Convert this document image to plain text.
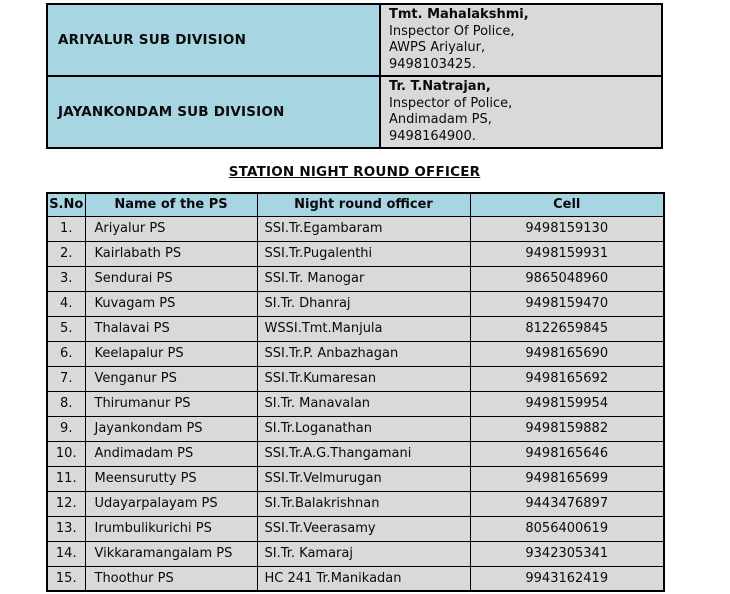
ARIYALUR SUB DIVISION	Tmt. Mahalakshmi,
Inspector Of Police,
AWPS Ariyalur,
9498103425.

JAYANKONDAM SUB DIVISION	Tr. T.Natrajan,
Inspector of Police,
Andimadam PS,
9498164900.
STATION NIGHT ROUND OFFICER
S.No	Name of the PS	Night round officer	Cell
1.	Ariyalur PS	SSI.Tr.Egambaram	9498159130
2.	Kairlabath PS	SSI.Tr.Pugalenthi	9498159931
3.	Sendurai PS	SSI.Tr. Manogar	9865048960
4.	Kuvagam PS	SI.Tr. Dhanraj	9498159470
5.	Thalavai PS	WSSI.Tmt.Manjula	8122659845
6.	Keelapalur PS	SSI.Tr.P. Anbazhagan	9498165690
7.	Venganur PS	SSI.Tr.Kumaresan	9498165692
8.	Thirumanur PS	SI.Tr. Manavalan	9498159954
9.	Jayankondam PS	SI.Tr.Loganathan	9498159882
10.	Andimadam PS	SSI.Tr.A.G.Thangamani	9498165646
11.	Meensurutty PS	SSI.Tr.Velmurugan	9498165699
12.	Udayarpalayam PS	SI.Tr.Balakrishnan	9443476897
13.	Irumbulikurichi PS	SSI.Tr.Veerasamy	8056400619
14.	Vikkaramangalam PS	SI.Tr. Kamaraj	9342305341
15.	Thoothur PS	HC 241 Tr.Manikadan	9943162419
